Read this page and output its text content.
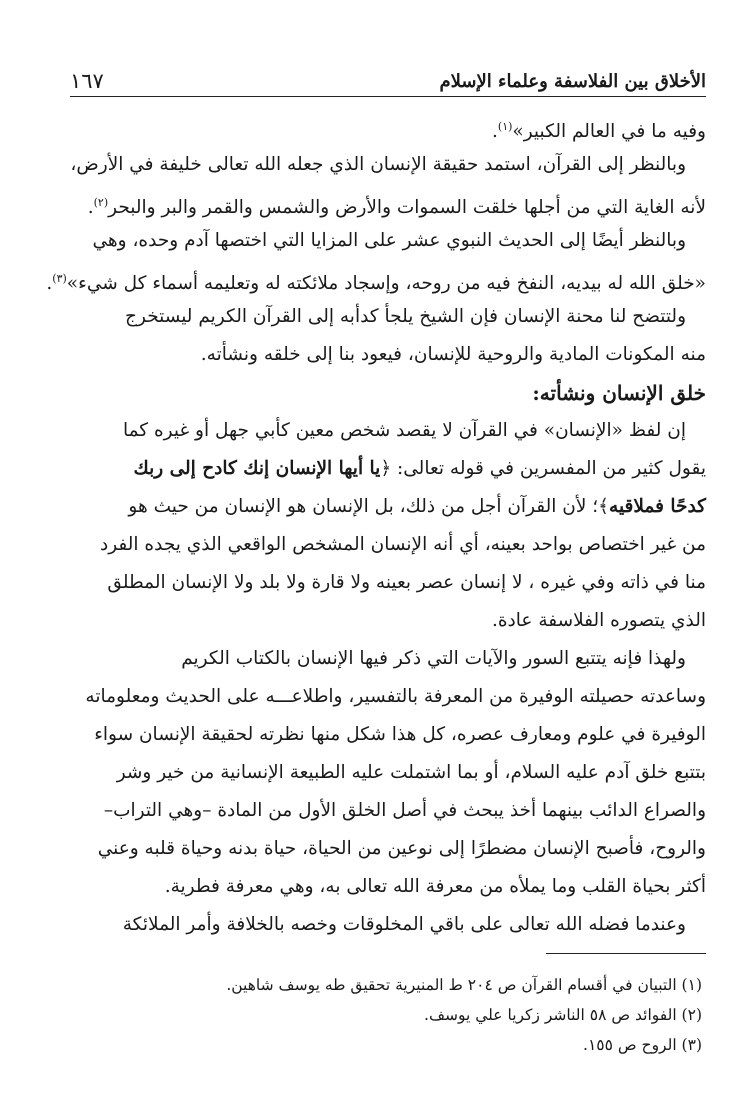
الأخلاق بين الفلاسفة وعلماء الإسلام
١٦٧
وفيه ما في العالم الكبير»$^{(١)}$.
وبالنظر إلى القرآن، استمد حقيقة الإنسان الذي جعله الله تعالى خليفة في الأرض،
لأنه الغاية التي من أجلها خلقت السموات والأرض والشمس والقمر والبر والبحر$^{(٢)}$.
وبالنظر أيضًا إلى الحديث النبوي عشر على المزايا التي اختصها آدم وحده، وهي
«خلق الله له بيديه، النفخ فيه من روحه، وإسجاد ملائكته له وتعليمه أسماء كل شيء»$^{(٣)}$.
ولتتضح لنا محنة الإنسان فإن الشيخ يلجأ كدأبه إلى القرآن الكريم ليستخرج
منه المكونات المادية والروحية للإنسان، فيعود بنا إلى خلقه ونشأته.
خلق الإنسان ونشأته:
إن لفظ «الإنسان» في القرآن لا يقصد شخص معين كأبي جهل أو غيره كما
يقول كثير من المفسرين في قوله تعالى: ﴿يا أيها الإنسان إنك كادح إلى ربك
كدحًا فملاقيه﴾؛ لأن القرآن أجل من ذلك، بل الإنسان هو الإنسان من حيث هو
من غير اختصاص بواحد بعينه، أي أنه الإنسان المشخص الواقعي الذي يجده الفرد
منا في ذاته وفي غيره ، لا إنسان عصر بعينه ولا قارة ولا بلد ولا الإنسان المطلق
الذي يتصوره الفلاسفة عادة.
ولهذا فإنه يتتبع السور والآيات التي ذكر فيها الإنسان بالكتاب الكريم
وساعدته حصيلته الوفيرة من المعرفة بالتفسير، واطلاعـــه على الحديث ومعلوماته
الوفيرة في علوم ومعارف عصره، كل هذا شكل منها نظرته لحقيقة الإنسان سواء
بتتبع خلق آدم عليه السلام، أو بما اشتملت عليه الطبيعة الإنسانية من خير وشر
والصراع الدائب بينهما أخذ يبحث في أصل الخلق الأول من المادة –وهي التراب–
والروح، فأصبح الإنسان مضطرًا إلى نوعين من الحياة، حياة بدنه وحياة قلبه وعني
أكثر بحياة القلب وما يملأه من معرفة الله تعالى به، وهي معرفة فطرية.
وعندما فضله الله تعالى على باقي المخلوقات وخصه بالخلافة وأمر الملائكة
(١) التبيان في أقسام القرآن ص ٢٠٤ ط المنيرية تحقيق طه يوسف شاهين.
(٢) الفوائد ص ٥٨ الناشر زكريا علي يوسف.
(٣) الروح ص ١٥٥.
